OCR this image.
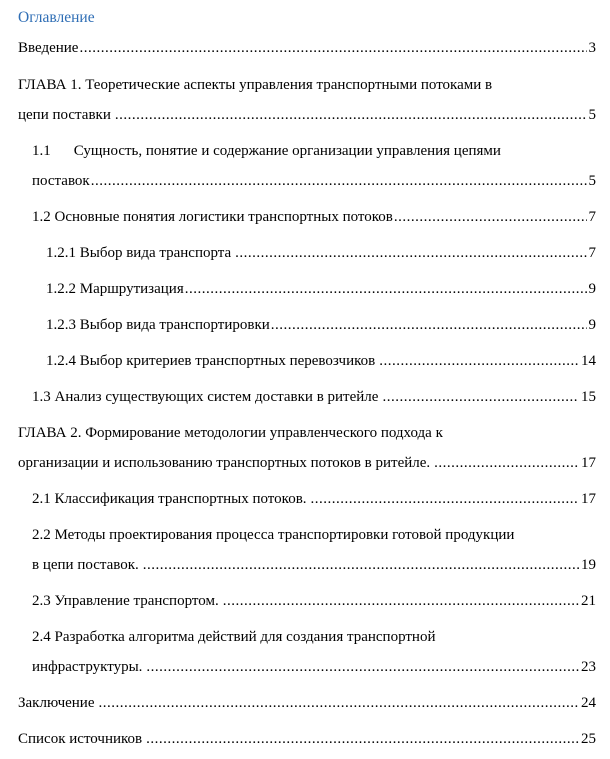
Оглавление
Введение .....	3
ГЛАВА 1. Теоретические аспекты управления транспортными потоками в
цепи поставки .....	5
1.1 Сущность, понятие и содержание организации управления цепями
поставок .....	5
1.2 Основные понятия логистики транспортных потоков .....	7
1.2.1 Выбор вида транспорта .....	7
1.2.2 Маршрутизация .....	9
1.2.3 Выбор вида транспортировки .....	9
1.2.4 Выбор критериев транспортных перевозчиков .....	14
1.3 Анализ существующих систем доставки в ритейле .....	15
ГЛАВА 2. Формирование методологии управленческого подхода к
организации и использованию транспортных потоков в ритейле. .....	17
2.1 Классификация транспортных потоков. .....	17
2.2 Методы проектирования процесса транспортировки готовой продукции
в цепи поставок. .....	19
2.3 Управление транспортом. .....	21
2.4 Разработка алгоритма действий для создания транспортной
инфраструктуры. .....	23
Заключение .....	24
Список источников .....	25
